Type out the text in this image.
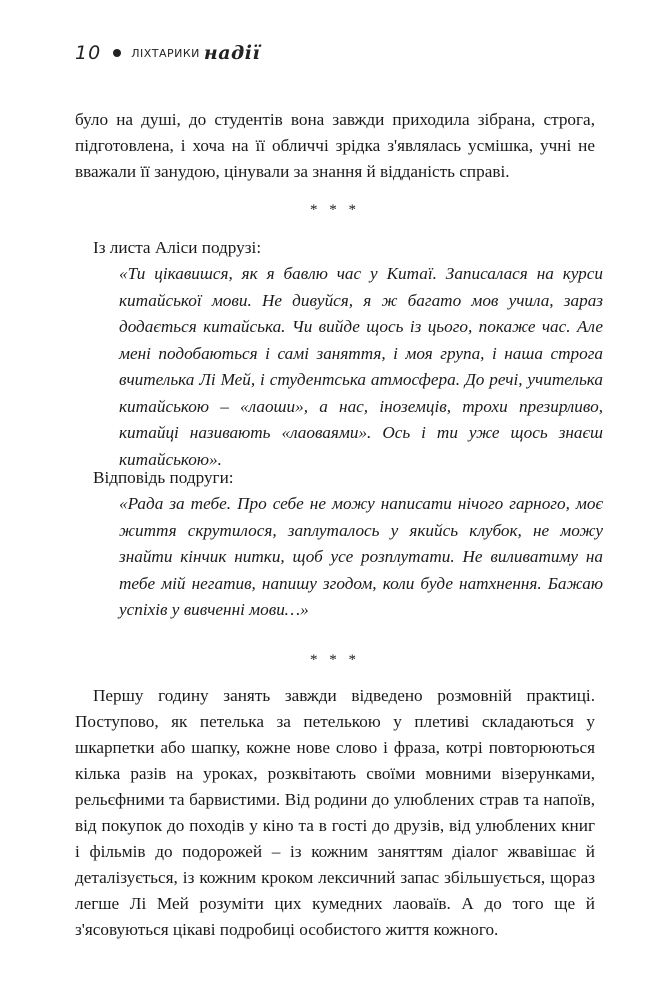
10	ЛІХТАРИКИ надії
було на душі, до студентів вона завжди приходила зібрана, строга, підготовлена, і хоча на її обличчі зрідка з'являлась усмішка, учні не вважали її занудою, цінували за знання й відданість справі.
* * *
Із листа Аліси подрузі:
«Ти цікавишся, як я бавлю час у Китаї. Записалася на курси китайської мови. Не дивуйся, я ж багато мов учила, зараз додається китайська. Чи вийде щось із цього, покаже час. Але мені подобаються і самі заняття, і моя група, і наша строга вчителька Лі Мей, і студентська атмосфера. До речі, учителька китайською – «лаоши», а нас, іноземців, трохи презирливо, китайці називають «лаоваями». Ось і ти уже щось знаєш китайською».
Відповідь подруги:
«Рада за тебе. Про себе не можу написати нічого гарного, моє життя скрутилося, заплуталось у якийсь клубок, не можу знайти кінчик нитки, щоб усе розплутати. Не виливатиму на тебе мій негатив, напишу згодом, коли буде натхнення. Бажаю успіхів у вивченні мови…»
* * *
Першу годину занять завжди відведено розмовній практиці. Поступово, як петелька за петелькою у плетиві складаються у шкарпетки або шапку, кожне нове слово і фраза, котрі повторюються кілька разів на уроках, розквітають своїми мовними візерунками, рельєфними та барвистими. Від родини до улюблених страв та напоїв, від покупок до походів у кіно та в гості до друзів, від улюблених книг і фільмів до подорожей – із кожним заняттям діалог жвавішає й деталізується, із кожним кроком лексичний запас збільшується, щораз легше Лі Мей розуміти цих кумедних лаоваїв. А до того ще й з'ясовуються цікаві подробиці особистого життя кожного.
